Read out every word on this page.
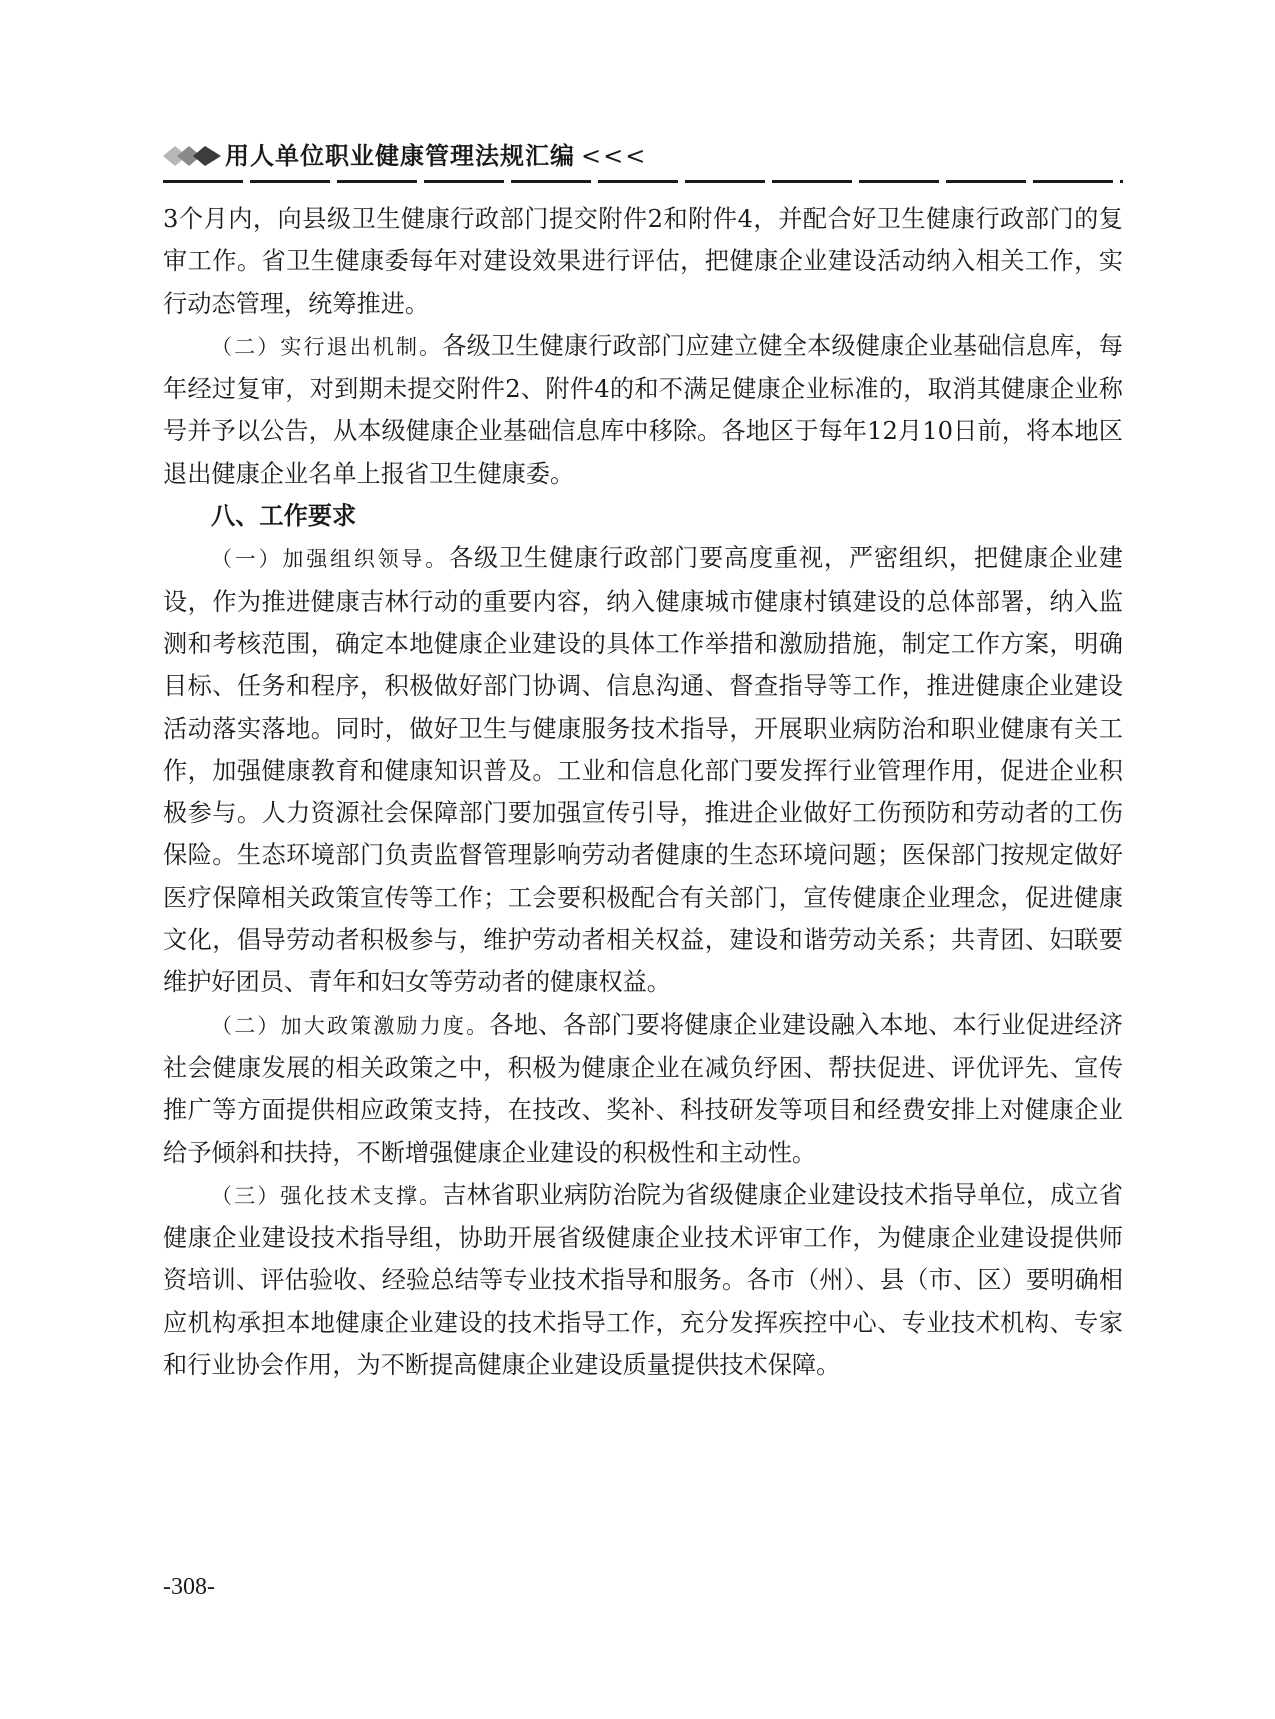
用人单位职业健康管理法规汇编 <<<

3个月内，向县级卫生健康行政部门提交附件2和附件4，并配合好卫生健康行政部门的复审工作。省卫生健康委每年对建设效果进行评估，把健康企业建设活动纳入相关工作，实行动态管理，统筹推进。

（二）实行退出机制。各级卫生健康行政部门应建立健全本级健康企业基础信息库，每年经过复审，对到期未提交附件2、附件4的和不满足健康企业标准的，取消其健康企业称号并予以公告，从本级健康企业基础信息库中移除。各地区于每年12月10日前，将本地区退出健康企业名单上报省卫生健康委。

八、工作要求

（一）加强组织领导。各级卫生健康行政部门要高度重视，严密组织，把健康企业建设，作为推进健康吉林行动的重要内容，纳入健康城市健康村镇建设的总体部署，纳入监测和考核范围，确定本地健康企业建设的具体工作举措和激励措施，制定工作方案，明确目标、任务和程序，积极做好部门协调、信息沟通、督查指导等工作，推进健康企业建设活动落实落地。同时，做好卫生与健康服务技术指导，开展职业病防治和职业健康有关工作，加强健康教育和健康知识普及。工业和信息化部门要发挥行业管理作用，促进企业积极参与。人力资源社会保障部门要加强宣传引导，推进企业做好工伤预防和劳动者的工伤保险。生态环境部门负责监督管理影响劳动者健康的生态环境问题；医保部门按规定做好医疗保障相关政策宣传等工作；工会要积极配合有关部门，宣传健康企业理念，促进健康文化，倡导劳动者积极参与，维护劳动者相关权益，建设和谐劳动关系；共青团、妇联要维护好团员、青年和妇女等劳动者的健康权益。

（二）加大政策激励力度。各地、各部门要将健康企业建设融入本地、本行业促进经济社会健康发展的相关政策之中，积极为健康企业在减负纾困、帮扶促进、评优评先、宣传推广等方面提供相应政策支持，在技改、奖补、科技研发等项目和经费安排上对健康企业给予倾斜和扶持，不断增强健康企业建设的积极性和主动性。

（三）强化技术支撑。吉林省职业病防治院为省级健康企业建设技术指导单位，成立省健康企业建设技术指导组，协助开展省级健康企业技术评审工作，为健康企业建设提供师资培训、评估验收、经验总结等专业技术指导和服务。各市（州）、县（市、区）要明确相应机构承担本地健康企业建设的技术指导工作，充分发挥疾控中心、专业技术机构、专家和行业协会作用，为不断提高健康企业建设质量提供技术保障。

-308-
